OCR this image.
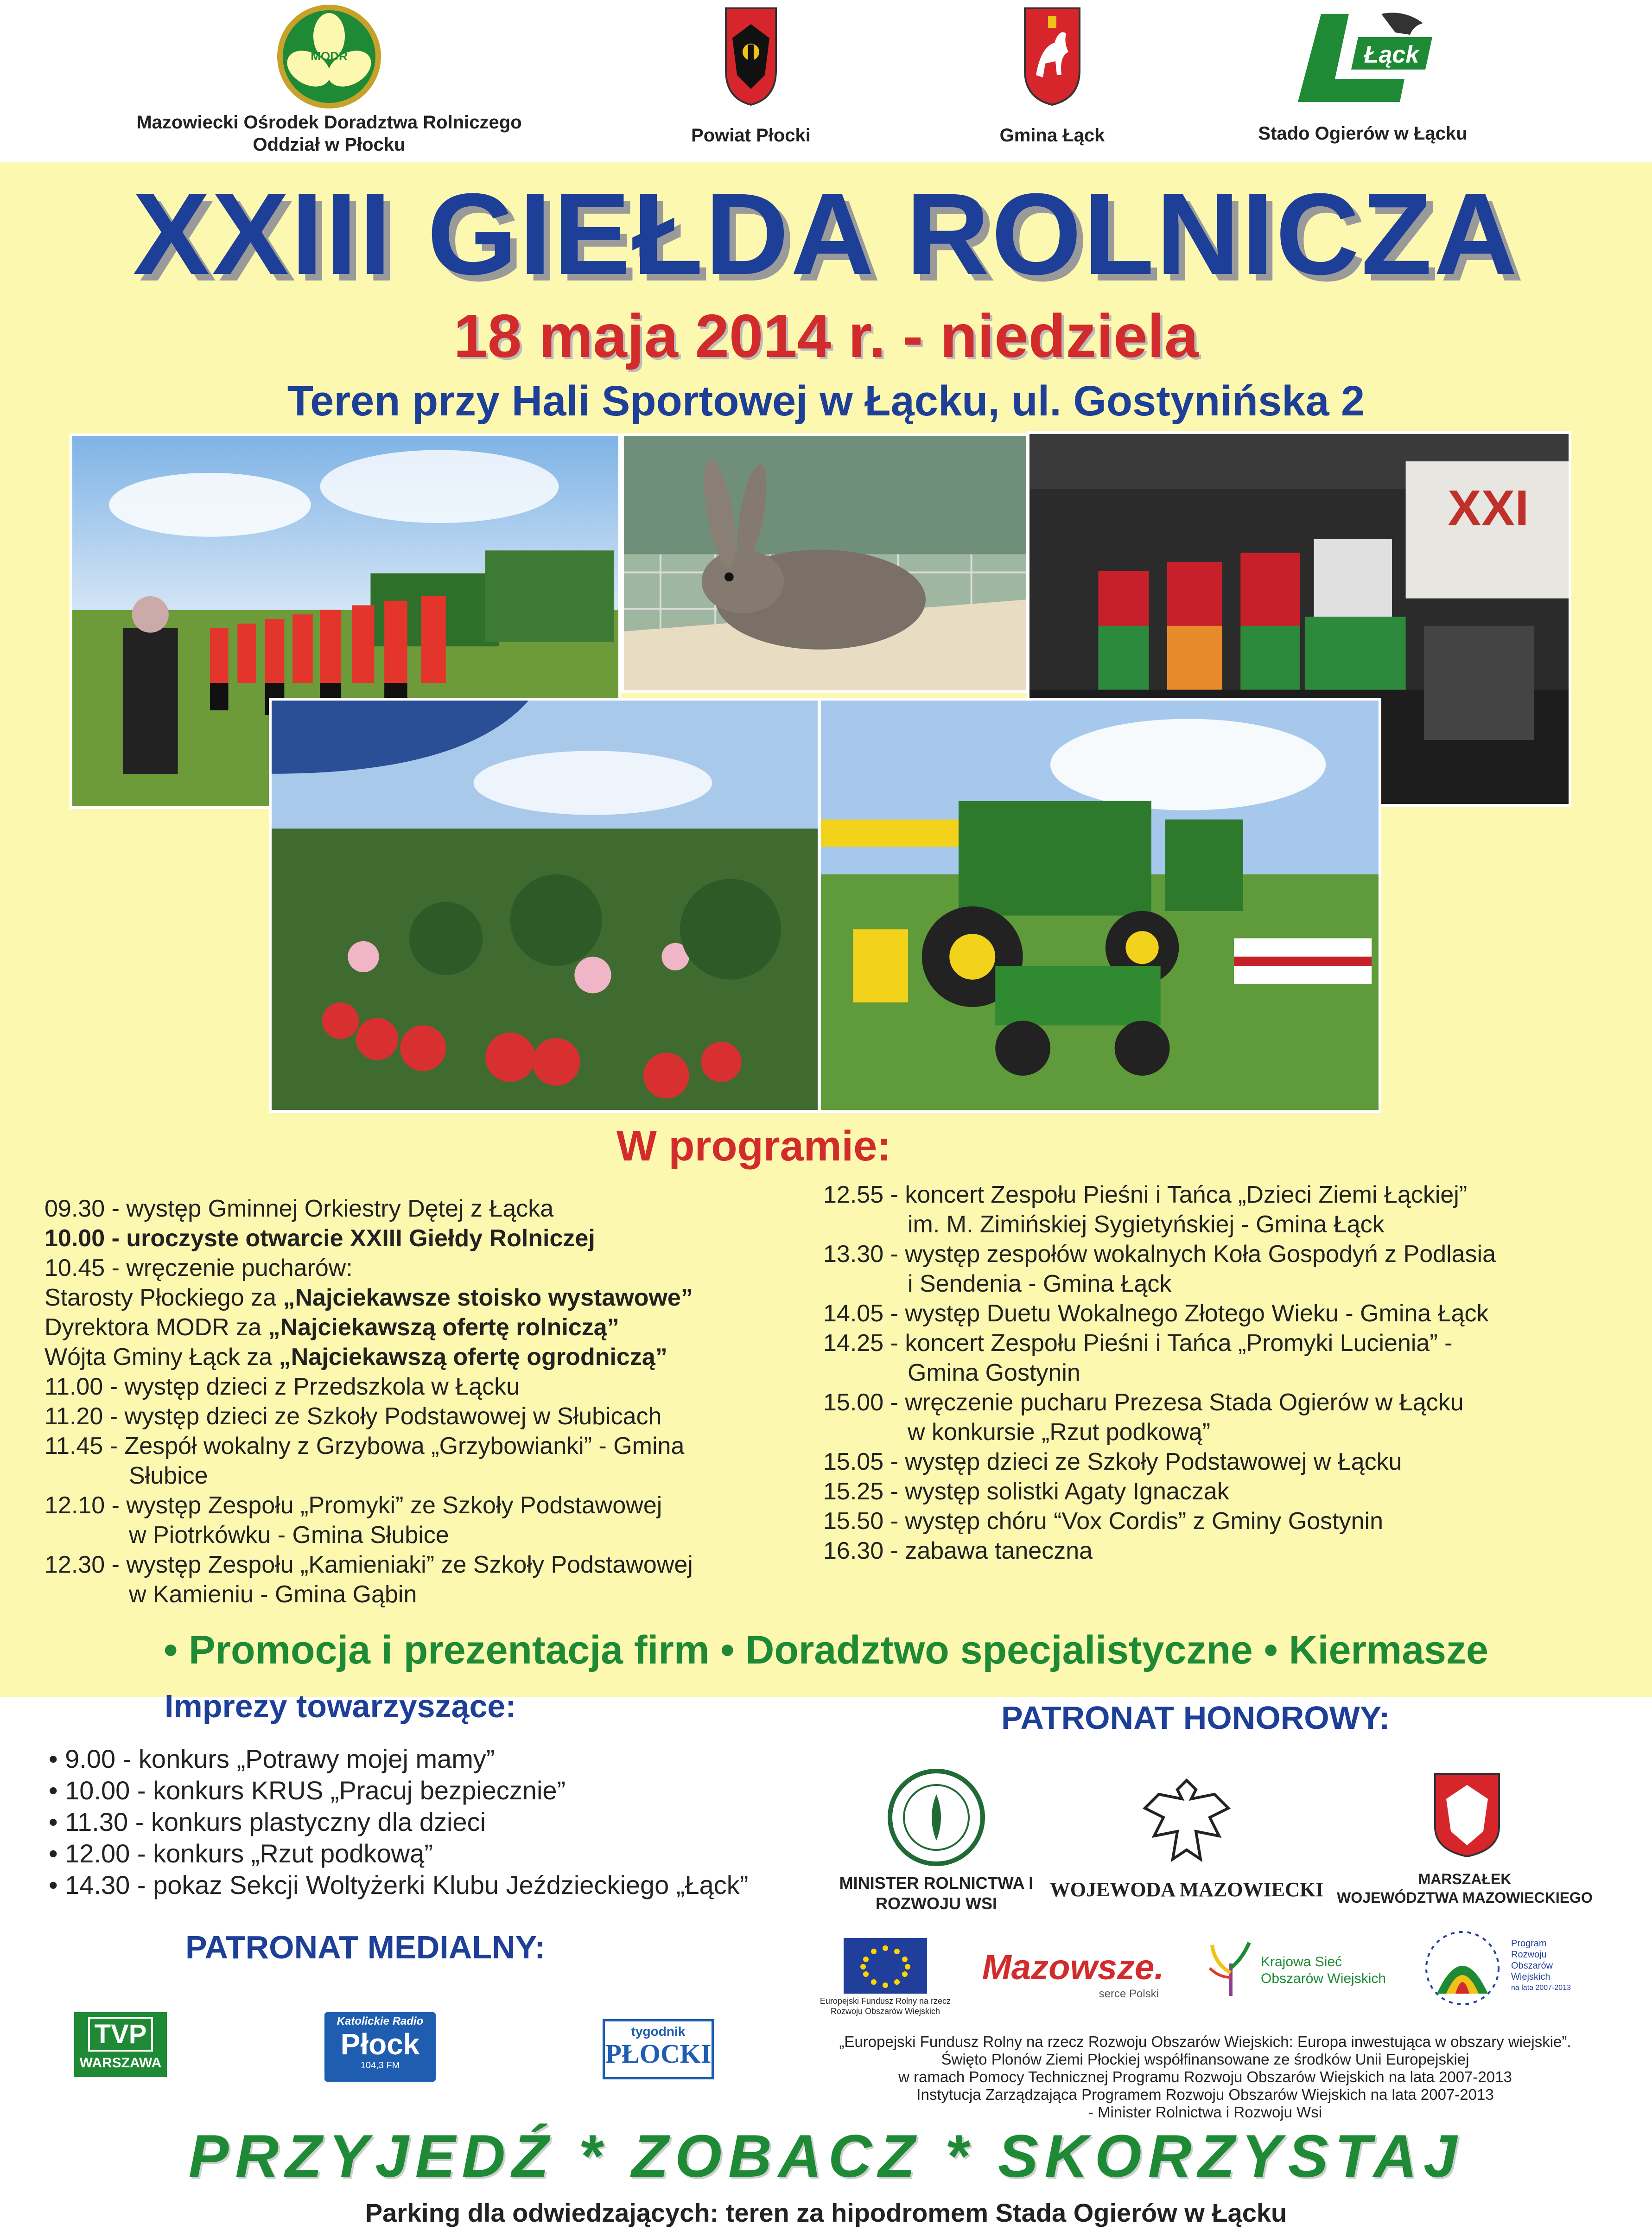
MODR
Mazowiecki Ośrodek Doradztwa Rolniczego
Oddział w Płocku	Powiat Płocki	Gmina Łąck
Łąck
Stado Ogierów w Łącku
XXIII GIEŁDA ROLNICZA
18 maja 2014 r. - niedziela
Teren przy Hali Sportowej w Łącku, ul. Gostynińska 2
XXI
W programie:
09.30 - występ Gminnej Orkiestry Dętej z Łącka
10.00 - uroczyste otwarcie XXIII Giełdy Rolniczej
10.45 - wręczenie pucharów:
Starosty Płockiego za „Najciekawsze stoisko wystawowe”
Dyrektora MODR za „Najciekawszą ofertę rolniczą”
Wójta Gminy Łąck za „Najciekawszą ofertę ogrodniczą”
11.00 - występ dzieci z Przedszkola w Łącku
11.20 - występ dzieci ze Szkoły Podstawowej w Słubicach
11.45 - Zespół wokalny z Grzybowa „Grzybowianki” - Gmina
Słubice
12.10 - występ Zespołu „Promyki” ze Szkoły Podstawowej
w Piotrkówku - Gmina Słubice
12.30 - występ Zespołu „Kamieniaki” ze Szkoły Podstawowej
w Kamieniu - Gmina Gąbin
12.55 - koncert Zespołu Pieśni i Tańca „Dzieci Ziemi Łąckiej”
im. M. Zimińskiej Sygietyńskiej - Gmina Łąck
13.30 - występ zespołów wokalnych Koła Gospodyń z Podlasia
i Sendenia - Gmina Łąck
14.05 - występ Duetu Wokalnego Złotego Wieku - Gmina Łąck
14.25 - koncert Zespołu Pieśni i Tańca „Promyki Lucienia” -
Gmina Gostynin
15.00 - wręczenie pucharu Prezesa Stada Ogierów w Łącku
w konkursie „Rzut podkową”
15.05 - występ dzieci ze Szkoły Podstawowej w Łącku
15.25 - występ solistki Agaty Ignaczak
15.50 - występ chóru “Vox Cordis” z Gminy Gostynin
16.30 - zabawa taneczna
• Promocja i prezentacja firm • Doradztwo specjalistyczne • Kiermasze
Imprezy towarzyszące:
• 9.00 - konkurs „Potrawy mojej mamy”
• 10.00 - konkurs KRUS „Pracuj bezpiecznie”
• 11.30 - konkurs plastyczny dla dzieci
• 12.00 - konkurs „Rzut podkową”
• 14.30 - pokaz Sekcji Woltyżerki Klubu Jeździeckiego „Łąck”
PATRONAT MEDIALNY:
TVP
WARSZAWA
Katolickie Radio
Płock
104,3 FM
tygodnik
PŁOCKI
PATRONAT HONOROWY:
MINISTER ROLNICTWA I ROZWOJU WSI
WOJEWODA MAZOWIECKI	MARSZAŁEK
WOJEWÓDZTWA MAZOWIECKIEGO
Europejski Fundusz Rolny na rzecz Rozwoju Obszarów Wiejskich
Mazowsze.
serce Polski
Krajowa Sieć
Obszarów Wiejskich
Program
Rozwoju
Obszarów
Wiejskich
na lata 2007-2013
„Europejski Fundusz Rolny na rzecz Rozwoju Obszarów Wiejskich: Europa inwestująca w obszary wiejskie”.
Święto Plonów Ziemi Płockiej współfinansowane ze środków Unii Europejskiej
w ramach Pomocy Technicznej Programu Rozwoju Obszarów Wiejskich na lata 2007-2013
Instytucja Zarządzająca Programem Rozwoju Obszarów Wiejskich na lata 2007-2013
- Minister Rolnictwa i Rozwoju Wsi
PRZYJEDŹ * ZOBACZ * SKORZYSTAJ
Parking dla odwiedzających: teren za hipodromem Stada Ogierów w Łącku
